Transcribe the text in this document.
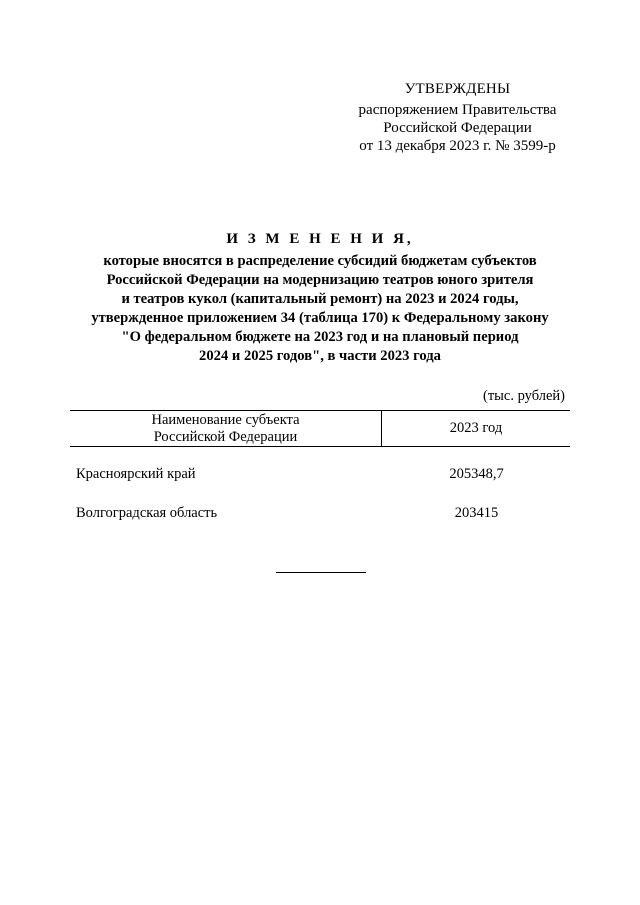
УТВЕРЖДЕНЫ
распоряжением Правительства
Российской Федерации
от 13 декабря 2023 г. № 3599-р
И З М Е Н Е Н И Я,
которые вносятся в распределение субсидий бюджетам субъектов
Российской Федерации на модернизацию театров юного зрителя
и театров кукол (капитальный ремонт) на 2023 и 2024 годы,
утвержденное приложением 34 (таблица 170) к Федеральному закону
"О федеральном бюджете на 2023 год и на плановый период
2024 и 2025 годов", в части 2023 года
(тыс. рублей)
Наименование субъекта
Российской Федерации
2023 год
Красноярский край	205348,7
Волгоградская область	203415
